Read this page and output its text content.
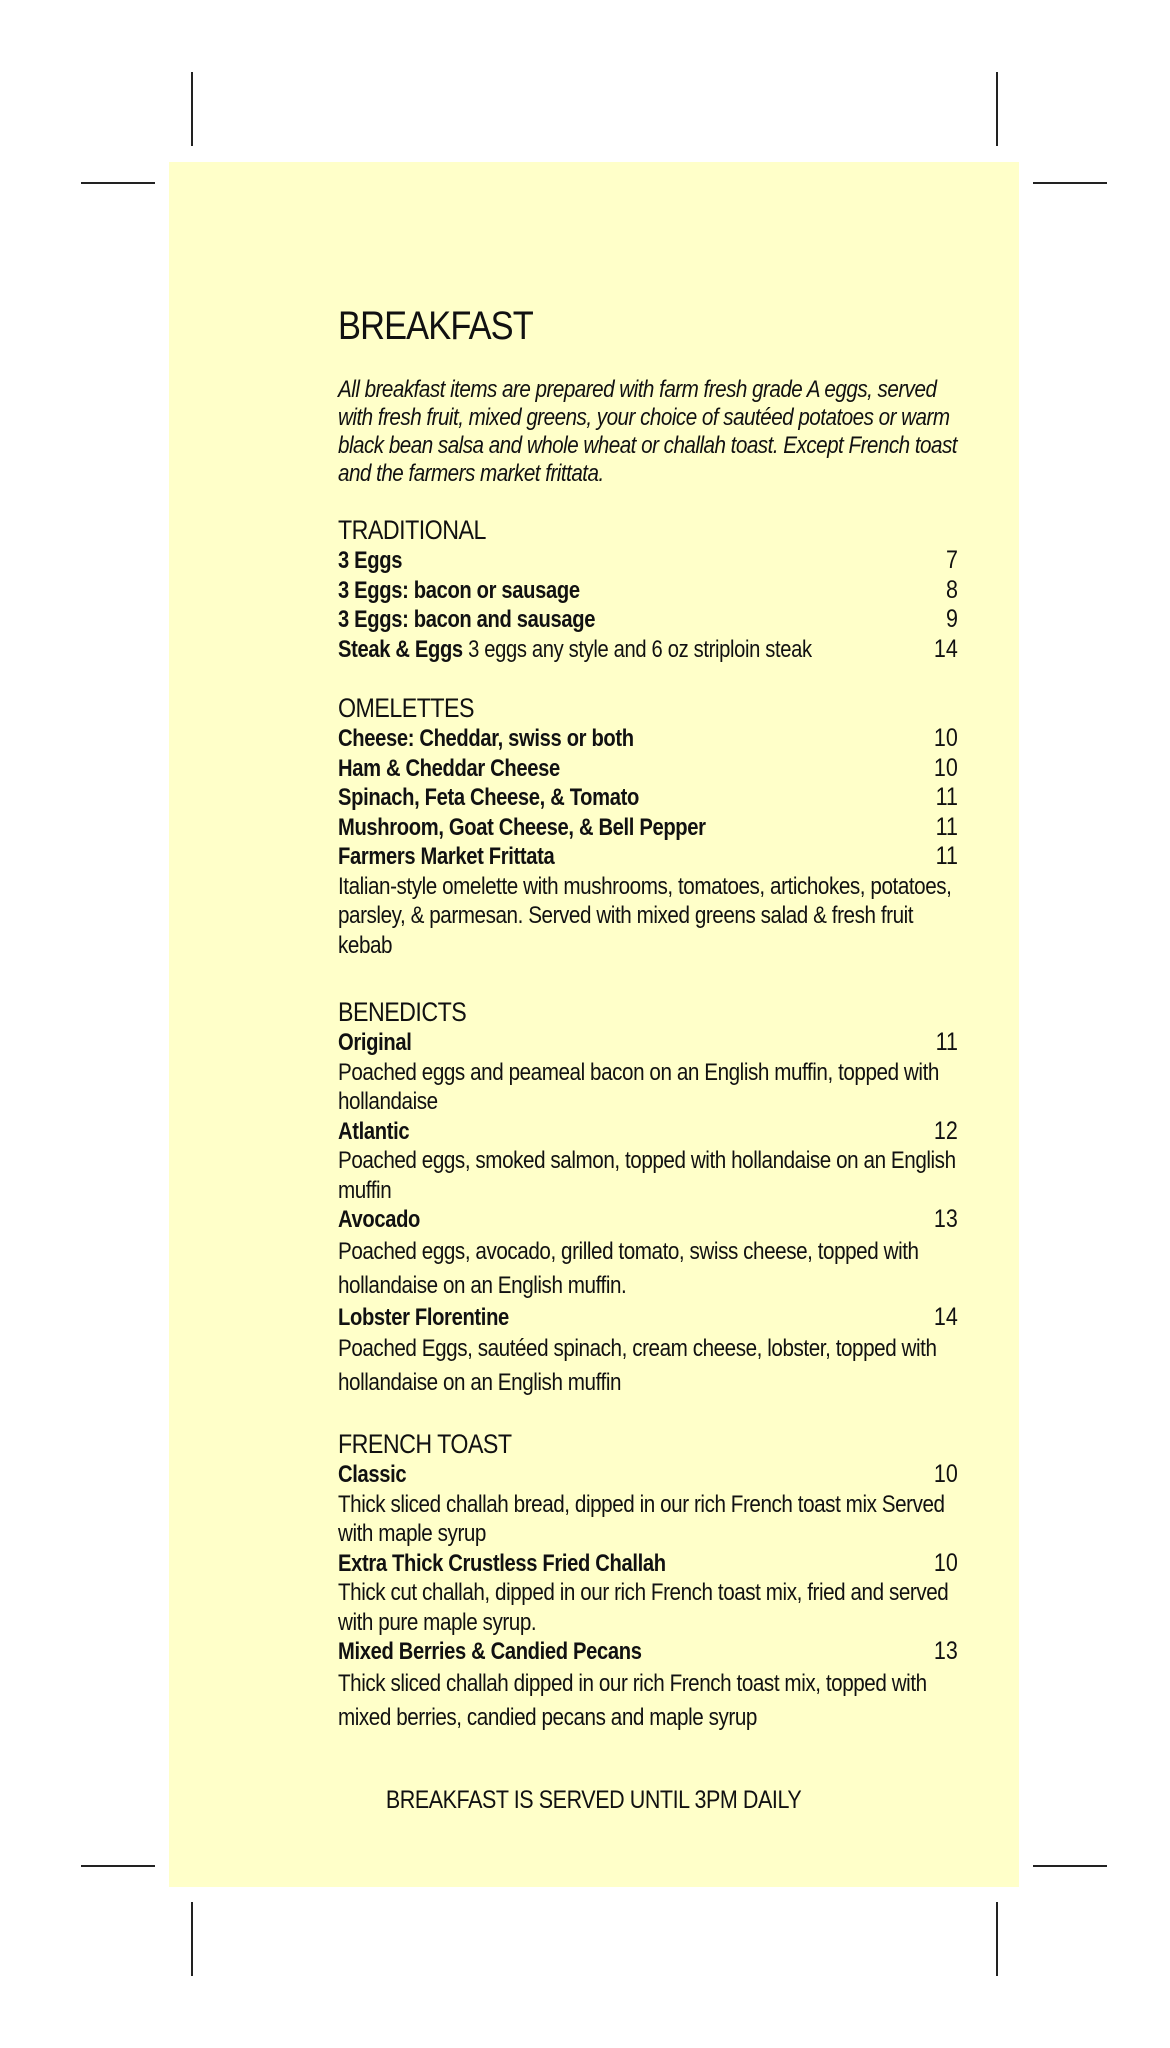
BREAKFAST
All breakfast items are prepared with farm fresh grade A eggs, served with fresh fruit, mixed greens, your choice of sautéed potatoes or warm black bean salsa and whole wheat or challah toast. Except French toast and the farmers market frittata.
TRADITIONAL
3 Eggs	7
3 Eggs: bacon or sausage	8
3 Eggs: bacon and sausage	9
Steak & Eggs 3 eggs any style and 6 oz striploin steak	14
OMELETTES
Cheese: Cheddar, swiss or both	10
Ham & Cheddar Cheese	10
Spinach, Feta Cheese, & Tomato	11
Mushroom, Goat Cheese, & Bell Pepper	11
Farmers Market Frittata	11
Italian-style omelette with mushrooms, tomatoes, artichokes, potatoes, parsley, & parmesan. Served with mixed greens salad & fresh fruit kebab
BENEDICTS
Original	11
Poached eggs and peameal bacon on an English muffin, topped with hollandaise
Atlantic	12
Poached eggs, smoked salmon, topped with hollandaise on an English muffin
Avocado	13
Poached eggs, avocado, grilled tomato, swiss cheese, topped with hollandaise on an English muffin.
Lobster Florentine	14
Poached Eggs, sautéed spinach, cream cheese, lobster, topped with hollandaise on an English muffin
FRENCH TOAST
Classic	10
Thick sliced challah bread, dipped in our rich French toast mix Served with maple syrup
Extra Thick Crustless Fried Challah	10
Thick cut challah, dipped in our rich French toast mix, fried and served with pure maple syrup.
Mixed Berries & Candied Pecans	13
Thick sliced challah dipped in our rich French toast mix, topped with mixed berries, candied pecans and maple syrup
BREAKFAST IS SERVED UNTIL 3PM DAILY
